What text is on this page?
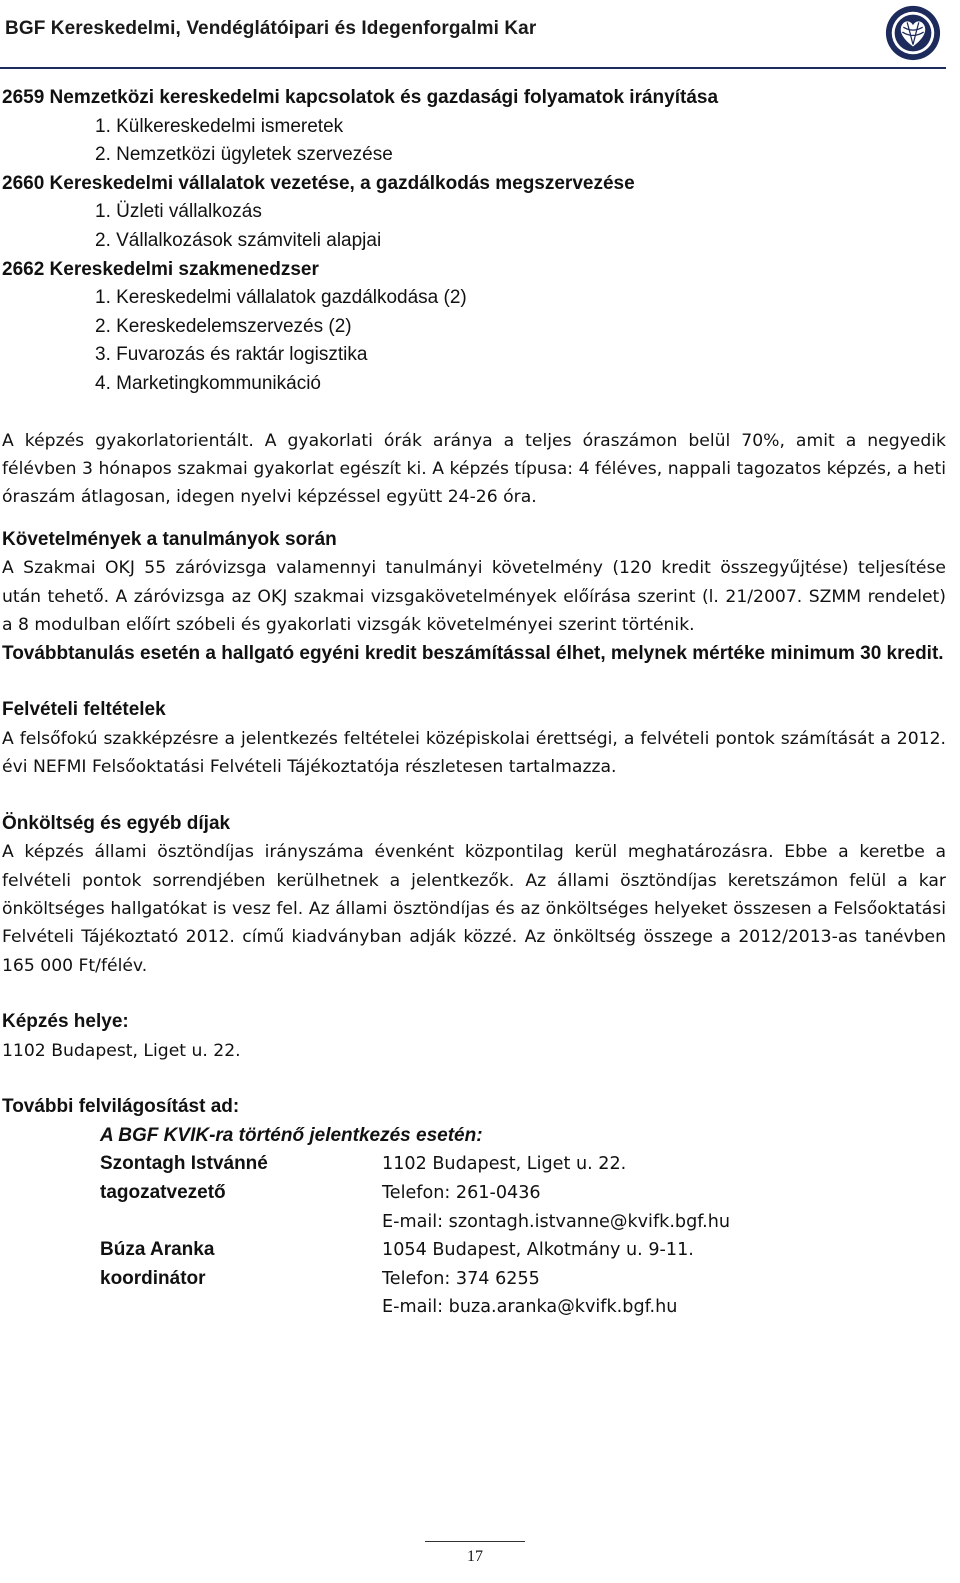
BGF Kereskedelmi, Vendéglátóipari és Idegenforgalmi Kar
2659 Nemzetközi kereskedelmi kapcsolatok és gazdasági folyamatok irányítása
1. Külkereskedelmi ismeretek
2. Nemzetközi ügyletek szervezése
2660 Kereskedelmi vállalatok vezetése, a gazdálkodás megszervezése
1. Üzleti vállalkozás
2. Vállalkozások számviteli alapjai
2662 Kereskedelmi szakmenedzser
1. Kereskedelmi vállalatok gazdálkodása (2)
2. Kereskedelemszervezés (2)
3. Fuvarozás és raktár logisztika
4. Marketingkommunikáció

A képzés gyakorlatorientált. A gyakorlati órák aránya a teljes óraszámon belül 70%, amit a negyedik félévben 3 hónapos szakmai gyakorlat egészít ki. A képzés típusa: 4 féléves, nappali tagozatos képzés, a heti óraszám átlagosan, idegen nyelvi képzéssel együtt 24-26 óra.

Követelmények a tanulmányok során

A Szakmai OKJ 55 záróvizsga valamennyi tanulmányi követelmény (120 kredit összegyűjtése) teljesítése után tehető. A záróvizsga az OKJ szakmai vizsgakövetelmények előírása szerint (l. 21/2007. SZMM rendelet) a 8 modulban előírt szóbeli és gyakorlati vizsgák követelményei szerint történik.

Továbbtanulás esetén a hallgató egyéni kredit beszámítással élhet, melynek mértéke minimum 30 kredit.

Felvételi feltételek

A felsőfokú szakképzésre a jelentkezés feltételei középiskolai érettségi, a felvételi pontok számítását a 2012. évi NEFMI Felsőoktatási Felvételi Tájékoztatója részletesen tartalmazza.

Önköltség és egyéb díjak

A képzés állami ösztöndíjas irányszáma évenként központilag kerül meghatározásra. Ebbe a keretbe a felvételi pontok sorrendjében kerülhetnek a jelentkezők. Az állami ösztöndíjas keretszámon felül a kar önköltséges hallgatókat is vesz fel. Az állami ösztöndíjas és az önköltséges helyeket összesen a Felsőoktatási Felvételi Tájékoztató 2012. című kiadványban adják közzé. Az önköltség összege a 2012/2013-as tanévben 165 000 Ft/félév.

Képzés helye:

1102 Budapest, Liget u. 22.

További felvilágosítást ad:
A BGF KVIK-ra történő jelentkezés esetén:
Szontagh Istvánné	1102 Budapest, Liget u. 22.
tagozatvezető	Telefon: 261-0436
	E-mail: szontagh.istvanne@kvifk.bgf.hu
Búza Aranka	1054 Budapest, Alkotmány u. 9-11.
koordinátor	Telefon: 374 6255
	E-mail: buza.aranka@kvifk.bgf.hu
17
